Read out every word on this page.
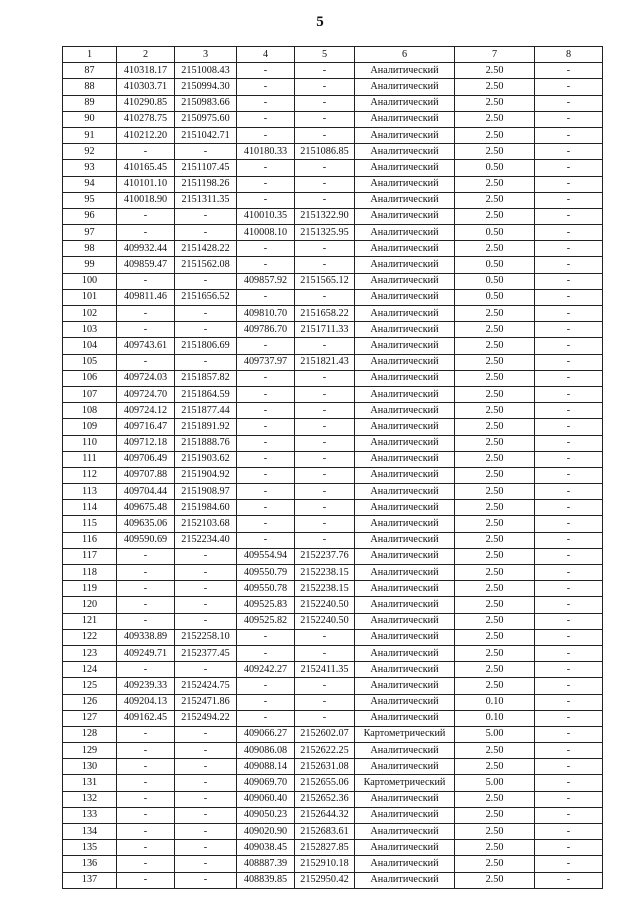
5
1	2	3	4	5	6	7	8
87	410318.17	2151008.43	-	-	Аналитический	2.50	-
88	410303.71	2150994.30	-	-	Аналитический	2.50	-
89	410290.85	2150983.66	-	-	Аналитический	2.50	-
90	410278.75	2150975.60	-	-	Аналитический	2.50	-
91	410212.20	2151042.71	-	-	Аналитический	2.50	-
92	-	-	410180.33	2151086.85	Аналитический	2.50	-
93	410165.45	2151107.45	-	-	Аналитический	0.50	-
94	410101.10	2151198.26	-	-	Аналитический	2.50	-
95	410018.90	2151311.35	-	-	Аналитический	2.50	-
96	-	-	410010.35	2151322.90	Аналитический	2.50	-
97	-	-	410008.10	2151325.95	Аналитический	0.50	-
98	409932.44	2151428.22	-	-	Аналитический	2.50	-
99	409859.47	2151562.08	-	-	Аналитический	0.50	-
100	-	-	409857.92	2151565.12	Аналитический	0.50	-
101	409811.46	2151656.52	-	-	Аналитический	0.50	-
102	-	-	409810.70	2151658.22	Аналитический	2.50	-
103	-	-	409786.70	2151711.33	Аналитический	2.50	-
104	409743.61	2151806.69	-	-	Аналитический	2.50	-
105	-	-	409737.97	2151821.43	Аналитический	2.50	-
106	409724.03	2151857.82	-	-	Аналитический	2.50	-
107	409724.70	2151864.59	-	-	Аналитический	2.50	-
108	409724.12	2151877.44	-	-	Аналитический	2.50	-
109	409716.47	2151891.92	-	-	Аналитический	2.50	-
110	409712.18	2151888.76	-	-	Аналитический	2.50	-
111	409706.49	2151903.62	-	-	Аналитический	2.50	-
112	409707.88	2151904.92	-	-	Аналитический	2.50	-
113	409704.44	2151908.97	-	-	Аналитический	2.50	-
114	409675.48	2151984.60	-	-	Аналитический	2.50	-
115	409635.06	2152103.68	-	-	Аналитический	2.50	-
116	409590.69	2152234.40	-	-	Аналитический	2.50	-
117	-	-	409554.94	2152237.76	Аналитический	2.50	-
118	-	-	409550.79	2152238.15	Аналитический	2.50	-
119	-	-	409550.78	2152238.15	Аналитический	2.50	-
120	-	-	409525.83	2152240.50	Аналитический	2.50	-
121	-	-	409525.82	2152240.50	Аналитический	2.50	-
122	409338.89	2152258.10	-	-	Аналитический	2.50	-
123	409249.71	2152377.45	-	-	Аналитический	2.50	-
124	-	-	409242.27	2152411.35	Аналитический	2.50	-
125	409239.33	2152424.75	-	-	Аналитический	2.50	-
126	409204.13	2152471.86	-	-	Аналитический	0.10	-
127	409162.45	2152494.22	-	-	Аналитический	0.10	-
128	-	-	409066.27	2152602.07	Картометрический	5.00	-
129	-	-	409086.08	2152622.25	Аналитический	2.50	-
130	-	-	409088.14	2152631.08	Аналитический	2.50	-
131	-	-	409069.70	2152655.06	Картометрический	5.00	-
132	-	-	409060.40	2152652.36	Аналитический	2.50	-
133	-	-	409050.23	2152644.32	Аналитический	2.50	-
134	-	-	409020.90	2152683.61	Аналитический	2.50	-
135	-	-	409038.45	2152827.85	Аналитический	2.50	-
136	-	-	408887.39	2152910.18	Аналитический	2.50	-
137	-	-	408839.85	2152950.42	Аналитический	2.50	-
